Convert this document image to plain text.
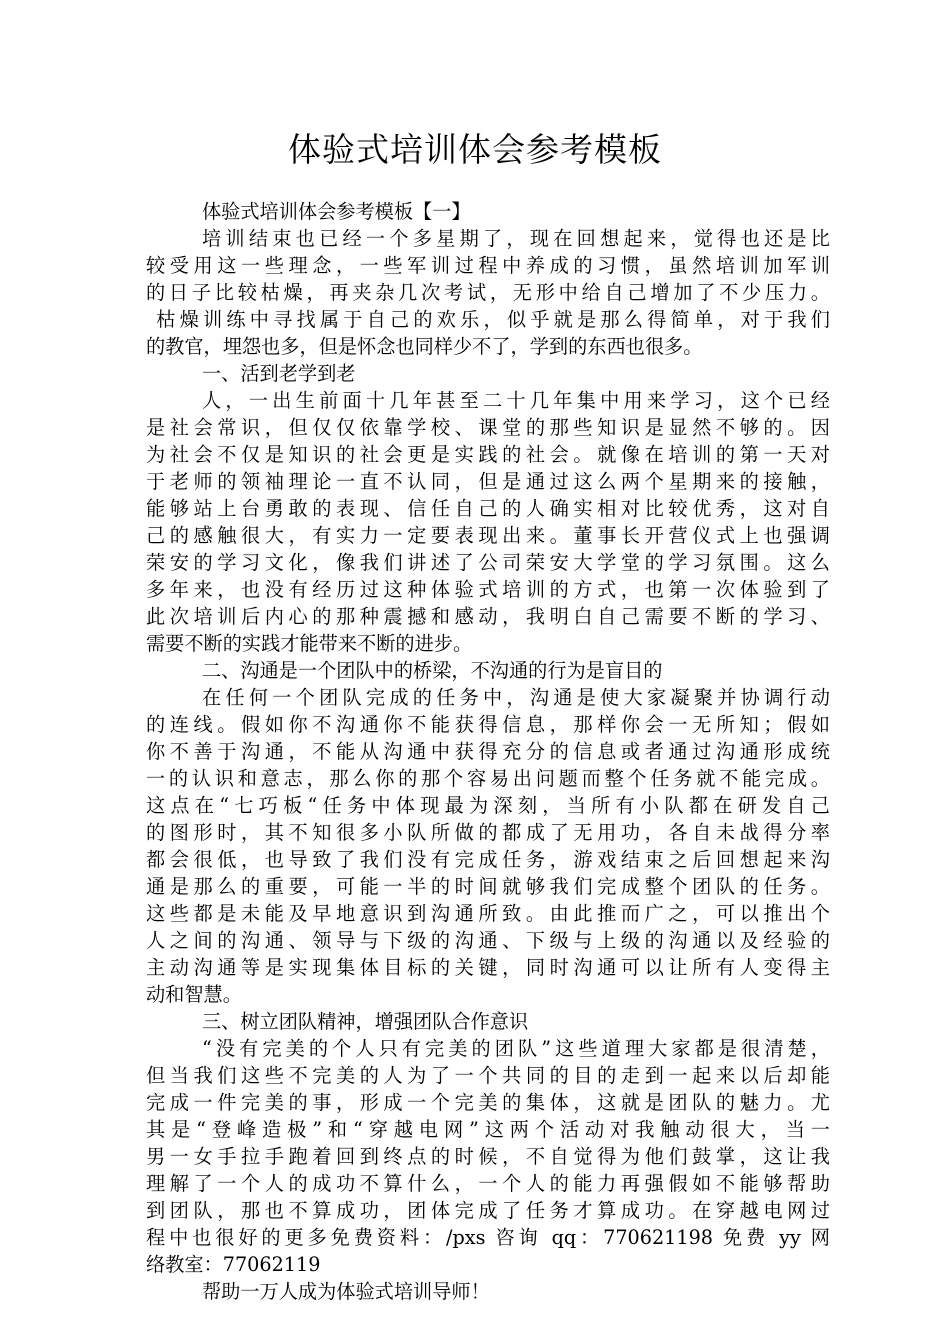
体验式培训体会参考模板
体验式培训体会参考模板【一】
培训结束也已经一个多星期了，现在回想起来，觉得也还是比
较受用这一些理念，一些军训过程中养成的习惯，虽然培训加军训
的日子比较枯燥，再夹杂几次考试，无形中给自己增加了不少压力。
枯燥训练中寻找属于自己的欢乐，似乎就是那么得简单，对于我们
的教官，埋怨也多，但是怀念也同样少不了，学到的东西也很多。
一、活到老学到老
人，一出生前面十几年甚至二十几年集中用来学习，这个已经
是社会常识，但仅仅依靠学校、课堂的那些知识是显然不够的。因
为社会不仅是知识的社会更是实践的社会。就像在培训的第一天对
于老师的领袖理论一直不认同，但是通过这么两个星期来的接触，
能够站上台勇敢的表现、信任自己的人确实相对比较优秀，这对自
己的感触很大，有实力一定要表现出来。董事长开营仪式上也强调
荣安的学习文化，像我们讲述了公司荣安大学堂的学习氛围。这么
多年来，也没有经历过这种体验式培训的方式，也第一次体验到了
此次培训后内心的那种震撼和感动，我明白自己需要不断的学习、
需要不断的实践才能带来不断的进步。
二、沟通是一个团队中的桥梁，不沟通的行为是盲目的
在任何一个团队完成的任务中，沟通是使大家凝聚并协调行动
的连线。假如你不沟通你不能获得信息，那样你会一无所知；假如
你不善于沟通，不能从沟通中获得充分的信息或者通过沟通形成统
一的认识和意志，那么你的那个容易出问题而整个任务就不能完成。
这点在“七巧板“任务中体现最为深刻，当所有小队都在研发自己
的图形时，其不知很多小队所做的都成了无用功，各自未战得分率
都会很低，也导致了我们没有完成任务，游戏结束之后回想起来沟
通是那么的重要，可能一半的时间就够我们完成整个团队的任务。
这些都是未能及早地意识到沟通所致。由此推而广之，可以推出个
人之间的沟通、领导与下级的沟通、下级与上级的沟通以及经验的
主动沟通等是实现集体目标的关键，同时沟通可以让所有人变得主
动和智慧。
三、树立团队精神，增强团队合作意识
“没有完美的个人只有完美的团队”这些道理大家都是很清楚，
但当我们这些不完美的人为了一个共同的目的走到一起来以后却能
完成一件完美的事，形成一个完美的集体，这就是团队的魅力。尤
其是“登峰造极”和“穿越电网”这两个活动对我触动很大，当一
男一女手拉手跑着回到终点的时候，不自觉得为他们鼓掌，这让我
理解了一个人的成功不算什么，一个人的能力再强假如不能够帮助
到团队，那也不算成功，团体完成了任务才算成功。在穿越电网过
程中也很好的更多免费资料：/pxs 咨询 qq：770621198 免费 yy 网
络教室：77062119
帮助一万人成为体验式培训导师！
